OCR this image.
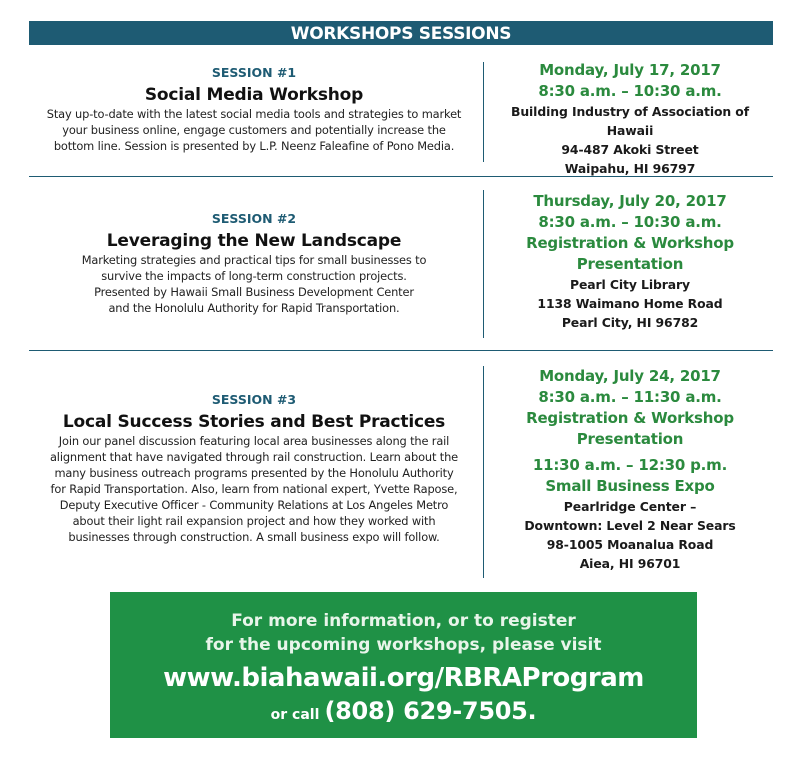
WORKSHOPS SESSIONS
SESSION #1
Social Media Workshop
Stay up-to-date with the latest social media tools and strategies to market
your business online, engage customers and potentially increase the
bottom line. Session is presented by L.P. Neenz Faleafine of Pono Media.
Monday, July 17, 2017
8:30 a.m. – 10:30 a.m.
Building Industry of Association of Hawaii
94-487 Akoki Street
Waipahu, HI 96797
SESSION #2
Leveraging the New Landscape
Marketing strategies and practical tips for small businesses to
survive the impacts of long-term construction projects.
Presented by Hawaii Small Business Development Center
and the Honolulu Authority for Rapid Transportation.
Thursday, July 20, 2017
8:30 a.m. – 10:30 a.m.
Registration & Workshop
Presentation
Pearl City Library
1138 Waimano Home Road
Pearl City, HI 96782
SESSION #3
Local Success Stories and Best Practices
Join our panel discussion featuring local area businesses along the rail
alignment that have navigated through rail construction. Learn about the
many business outreach programs presented by the Honolulu Authority
for Rapid Transportation. Also, learn from national expert, Yvette Rapose,
Deputy Executive Officer - Community Relations at Los Angeles Metro
about their light rail expansion project and how they worked with
businesses through construction. A small business expo will follow.
Monday, July 24, 2017
8:30 a.m. – 11:30 a.m.
Registration & Workshop
Presentation
11:30 a.m. – 12:30 p.m.
Small Business Expo
Pearlridge Center –
Downtown: Level 2 Near Sears
98-1005 Moanalua Road
Aiea, HI 96701
For more information, or to register
for the upcoming workshops, please visit
www.biahawaii.org/RBRAProgram
or call (808) 629-7505.
